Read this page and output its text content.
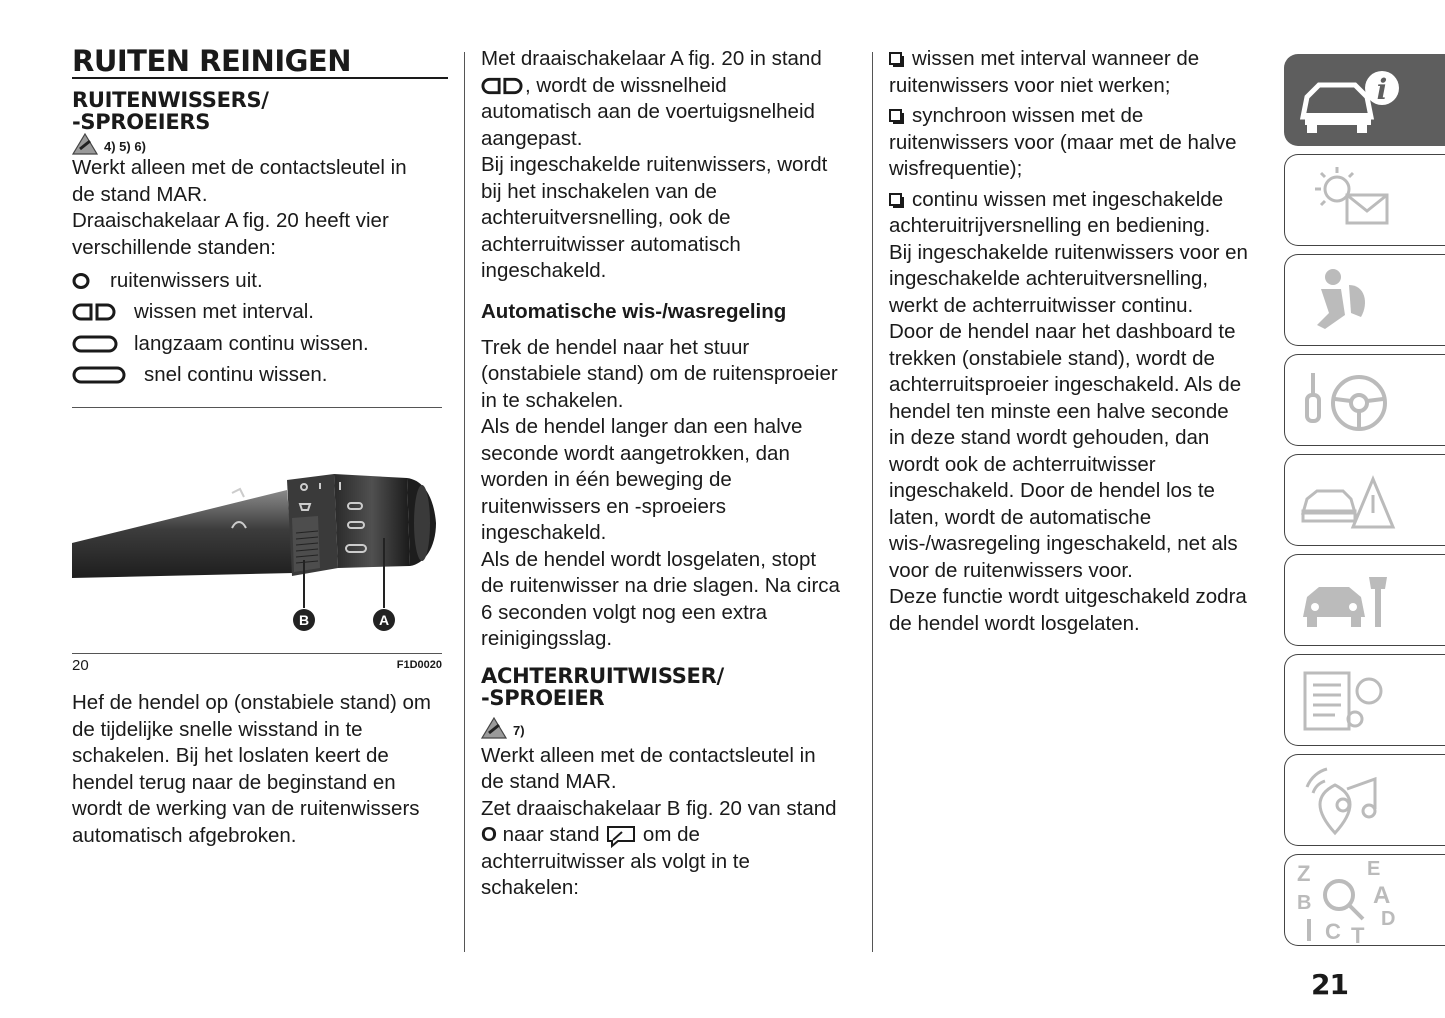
RUITEN REINIGEN
RUITENWISSERS/
-SPROEIERS
4) 5) 6)

Werkt alleen met de contactsleutel in

de stand MAR.

Draaischakelaar A fig. 20 heeft vier

verschillende standen:

ruitenwissers uit.
wissen met interval.
langzaam continu wissen.
snel continu wissen.
B	A
20	F1D0020

Hef de hendel op (onstabiele stand) om

de tijdelijke snelle wisstand in te

schakelen. Bij het loslaten keert de

hendel terug naar de beginstand en

wordt de werking van de ruitenwissers

automatisch afgebroken.

Met draaischakelaar A fig. 20 in stand

, wordt de wissnelheid

automatisch aan de voertuigsnelheid

aangepast.

Bij ingeschakelde ruitenwissers, wordt

bij het inschakelen van de

achteruitversnelling, ook de

achterruitwisser automatisch

ingeschakeld.

Automatische wis-/wasregeling

Trek de hendel naar het stuur

(onstabiele stand) om de ruitensproeier

in te schakelen.

Als de hendel langer dan een halve

seconde wordt aangetrokken, dan

worden in één beweging de

ruitenwissers en -sproeiers

ingeschakeld.

Als de hendel wordt losgelaten, stopt

de ruitenwisser na drie slagen. Na circa

6 seconden volgt nog een extra

reinigingsslag.

ACHTERRUITWISSER/
-SPROEIER
7)

Werkt alleen met de contactsleutel in

de stand MAR.

Zet draaischakelaar B fig. 20 van stand

O naar stand  om de

achterruitwisser als volgt in te

schakelen:

wissen met interval wanneer de

ruitenwissers voor niet werken;

synchroon wissen met de

ruitenwissers voor (maar met de halve

wisfrequentie);

continu wissen met ingeschakelde

achteruitrijversnelling en bediening.

Bij ingeschakelde ruitenwissers voor en

ingeschakelde achteruitversnelling,

werkt de achterruitwisser continu.

Door de hendel naar het dashboard te

trekken (onstabiele stand), wordt de

achterruitsproeier ingeschakeld. Als de

hendel ten minste een halve seconde

in deze stand wordt gehouden, dan

wordt ook de achterruitwisser

ingeschakeld. Door de hendel los te

laten, wordt de automatische

wis-/wasregeling ingeschakeld, net als

voor de ruitenwissers voor.

Deze functie wordt uitgeschakeld zodra

de hendel wordt losgelaten.

i
Z	E
B	A
C D
T
21
